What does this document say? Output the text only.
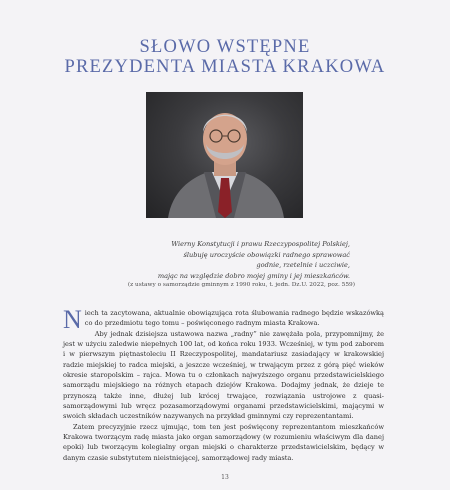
SŁOWO WSTĘPNE
PREZYDENTA MIASTA KRAKOWA
Wierny Konstytucji i prawu Rzeczypospolitej Polskiej,
ślubuję uroczyście obowiązki radnego sprawować
godnie, rzetelnie i uczciwie,
mając na względzie dobro mojej gminy i jej mieszkańców.
(z ustawy o samorządzie gminnym z 1990 roku, t. jedn. Dz.U. 2022, poz. 559)

Niech ta zacytowana, aktualnie obowiązująca rota ślubowania radnego będzie wskazówką co do przedmiotu tego tomu – poświęconego radnym miasta Krakowa.

Aby jednak dzisiejsza ustawowa nazwa „radny” nie zawężała pola, przypomnijmy, że jest w użyciu zaledwie niepełnych 100 lat, od końca roku 1933. Wcześniej, w tym pod zaborem i w pierwszym piętnastoleciu II Rzeczypospolitej, mandatariusz zasiadający w krakowskiej radzie miejskiej to radca miejski, a jeszcze wcześniej, w trwającym przez z górą pięć wieków okresie staropolskim – rajca. Mowa tu o członkach najwyższego organu przedstawicielskiego samorządu miejskiego na różnych etapach dziejów Krakowa. Dodajmy jednak, że dzieje te przynoszą także inne, dłużej lub krócej trwające, rozwiązania ustrojowe z quasi-samorządowymi lub wręcz pozasamorządowymi organami przedstawicielskimi, mającymi w swoich składach uczestników nazywanych na przykład gminnymi czy reprezentantami.

Zatem precyzyjnie rzecz ujmując, tom ten jest poświęcony reprezentantom mieszkańców Krakowa tworzącym radę miasta jako organ samorządowy (w rozumieniu właściwym dla danej epoki) lub tworzącym kolegialny organ miejski o charakterze przedstawicielskim, będący w danym czasie substytutem nieistniejącej, samorządowej rady miasta.

13
